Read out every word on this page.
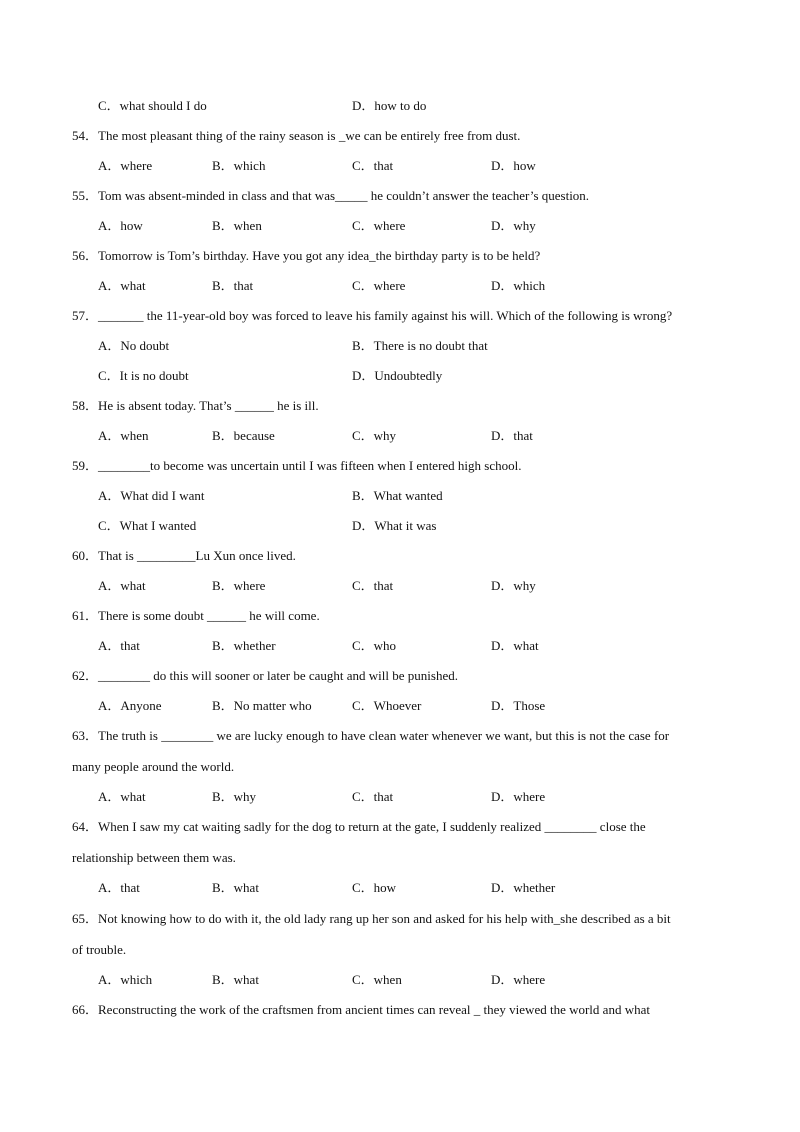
C．what should I do	D．how to do
54．The most pleasant thing of the rainy season is _we can be entirely free from dust.
A．where	B．which	C．that	D．how
55．Tom was absent-minded in class and that was_____ he couldn’t answer the teacher’s question.
A．how	B．when	C．where	D．why
56．Tomorrow is Tom’s birthday. Have you got any idea_the birthday party is to be held?
A．what	B．that	C．where	D．which
57．_______ the 11-year-old boy was forced to leave his family against his will. Which of the following is wrong?
A．No doubt	B．There is no doubt that
C．It is no doubt	D．Undoubtedly
58．He is absent today. That’s ______ he is ill.
A．when	B．because	C．why	D．that
59．________to become was uncertain until I was fifteen when I entered high school.
A．What did I want	B．What wanted
C．What I wanted	D．What it was
60．That is _________Lu Xun once lived.
A．what	B．where	C．that	D．why
61．There is some doubt ______ he will come.
A．that	B．whether	C．who	D．what
62．________ do this will sooner or later be caught and will be punished.
A．Anyone	B．No matter who	C．Whoever	D．Those
63．The truth is ________ we are lucky enough to have clean water whenever we want, but this is not the case for
many people around the world.
A．what	B．why	C．that	D．where
64．When I saw my cat waiting sadly for the dog to return at the gate, I suddenly realized ________ close the
relationship between them was.
A．that	B．what	C．how	D．whether
65．Not knowing how to do with it, the old lady rang up her son and asked for his help with_she described as a bit
of trouble.
A．which	B．what	C．when	D．where
66．Reconstructing the work of the craftsmen from ancient times can reveal _ they viewed the world and what
